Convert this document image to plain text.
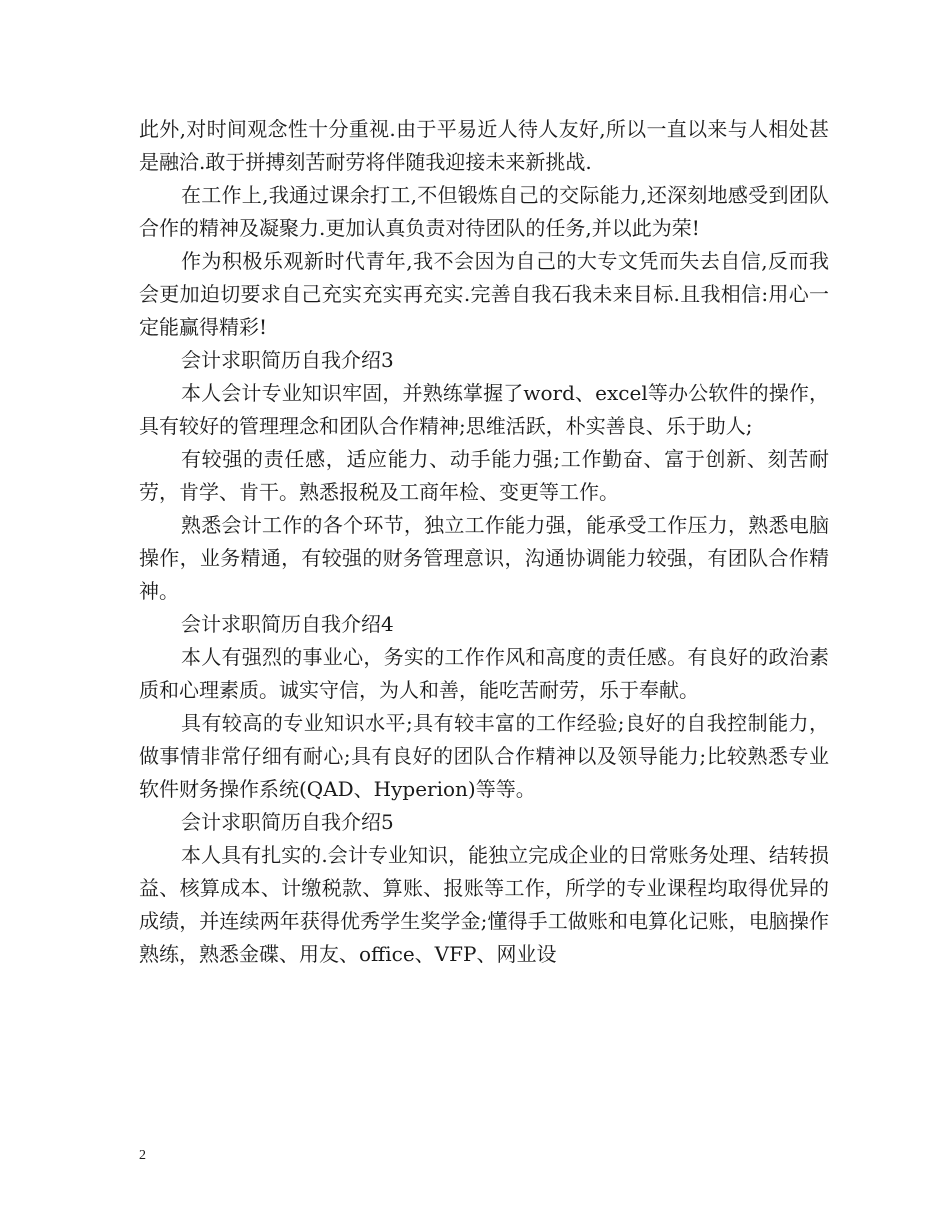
此外,对时间观念性十分重视.由于平易近人待人友好,所以一直以来与人相处甚是融洽.敢于拼搏刻苦耐劳将伴随我迎接未来新挑战.

在工作上,我通过课余打工,不但锻炼自己的交际能力,还深刻地感受到团队合作的精神及凝聚力.更加认真负责对待团队的任务,并以此为荣!

作为积极乐观新时代青年,我不会因为自己的大专文凭而失去自信,反而我会更加迫切要求自己充实充实再充实.完善自我石我未来目标.且我相信:用心一定能赢得精彩!

会计求职简历自我介绍3

本人会计专业知识牢固，并熟练掌握了word、excel等办公软件的操作，具有较好的管理理念和团队合作精神;思维活跃，朴实善良、乐于助人;

有较强的责任感，适应能力、动手能力强;工作勤奋、富于创新、刻苦耐劳，肯学、肯干。熟悉报税及工商年检、变更等工作。

熟悉会计工作的各个环节，独立工作能力强，能承受工作压力，熟悉电脑操作，业务精通，有较强的财务管理意识，沟通协调能力较强，有团队合作精神。

会计求职简历自我介绍4

本人有强烈的事业心，务实的工作作风和高度的责任感。有良好的政治素质和心理素质。诚实守信，为人和善，能吃苦耐劳，乐于奉献。

具有较高的专业知识水平;具有较丰富的工作经验;良好的自我控制能力，做事情非常仔细有耐心;具有良好的团队合作精神以及领导能力;比较熟悉专业软件财务操作系统(QAD、Hyperion)等等。

会计求职简历自我介绍5

本人具有扎实的.会计专业知识，能独立完成企业的日常账务处理、结转损益、核算成本、计缴税款、算账、报账等工作，所学的专业课程均取得优异的成绩，并连续两年获得优秀学生奖学金;懂得手工做账和电算化记账，电脑操作熟练，熟悉金碟、用友、office、VFP、网业设

2
